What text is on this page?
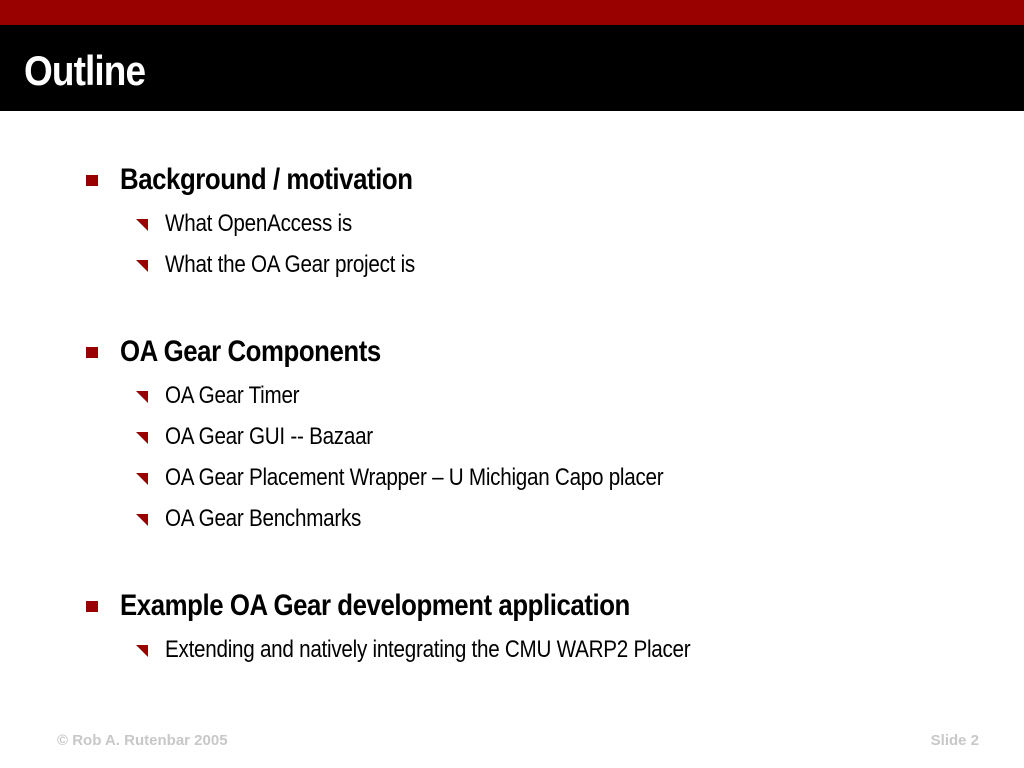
Outline
Background / motivation
What OpenAccess is
What the OA Gear project is
OA Gear Components
OA Gear Timer
OA Gear GUI -- Bazaar
OA Gear Placement Wrapper – U Michigan Capo placer
OA Gear Benchmarks
Example OA Gear development application
Extending and natively integrating the CMU WARP2 Placer
© Rob A. Rutenbar 2005	Slide 2
